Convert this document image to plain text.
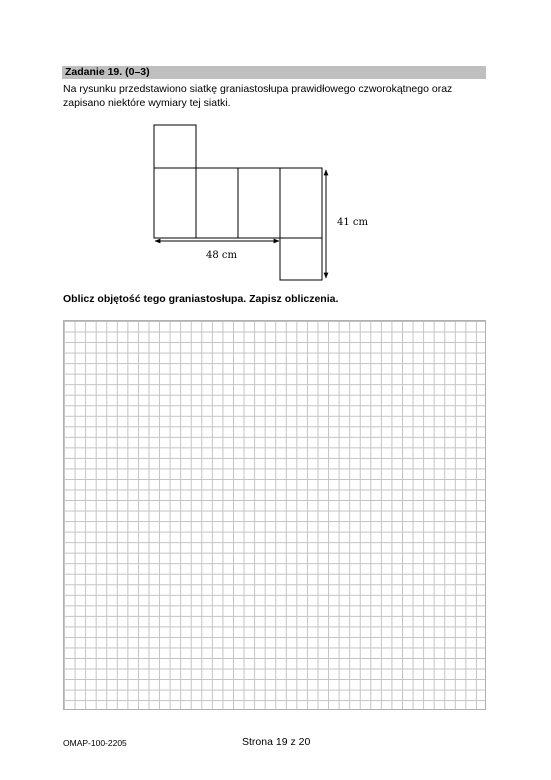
Zadanie 19. (0–3)
Na rysunku przedstawiono siatkę graniastosłupa prawidłowego czworokątnego oraz
zapisano niektóre wymiary tej siatki.
41 cm
48 cm
Oblicz objętość tego graniastosłupa. Zapisz obliczenia.
OMAP-100-2205	Strona 19 z 20
